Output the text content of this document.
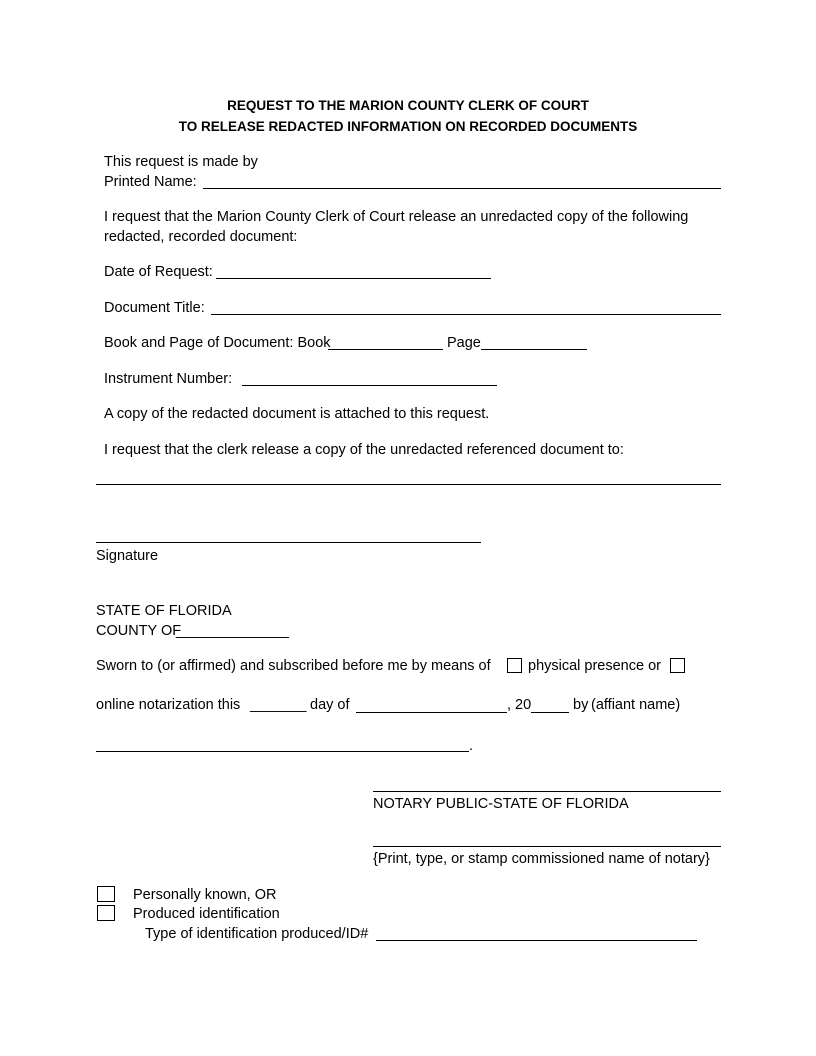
REQUEST TO THE MARION COUNTY CLERK OF COURT
TO RELEASE REDACTED INFORMATION ON RECORDED DOCUMENTS
This request is made by
Printed Name:
I request that the Marion County Clerk of Court release an unredacted copy of the following
redacted, recorded document:
Date of Request:
Document Title:
Book and Page of Document: Book	Page
Instrument Number:
A copy of the redacted document is attached to this request.
I request that the clerk release a copy of the unredacted referenced document to:
Signature
STATE OF FLORIDA
COUNTY OF
______________
Sworn to (or affirmed) and subscribed before me by means of	physical presence or
online notarization this _______ day of	, 20	by (affiant name)
.
NOTARY PUBLIC-STATE OF FLORIDA
{Print, type, or stamp commissioned name of notary}
Personally known, OR
Produced identification
Type of identification produced/ID#
